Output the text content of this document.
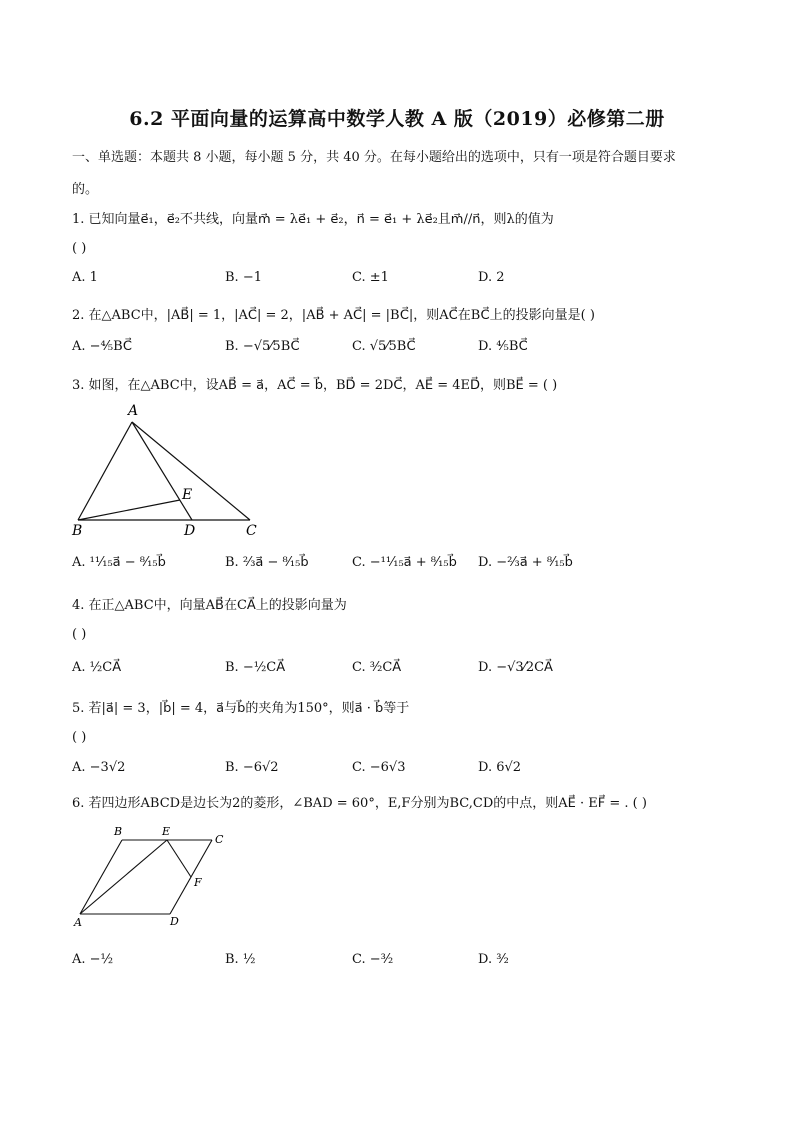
6.2 平面向量的运算高中数学人教 A 版（2019）必修第二册
一、单选题：本题共 8 小题，每小题 5 分，共 40 分。在每小题给出的选项中，只有一项是符合题目要求
的。
1. 已知向量e⃗₁，e⃗₂不共线，向量m⃗ = λe⃗₁ + e⃗₂，n⃗ = e⃗₁ + λe⃗₂且m⃗//n⃗，则λ的值为
( )
A. 1	B. −1	C. ±1	D. 2
2. 在△ABC中，|AB⃗| = 1，|AC⃗| = 2，|AB⃗ + AC⃗| = |BC⃗|，则AC⃗在BC⃗上的投影向量是( )
A. −⁴⁄₅BC⃗	B. −√5⁄5BC⃗	C. √5⁄5BC⃗	D. ⁴⁄₅BC⃗
3. 如图，在△ABC中，设AB⃗ = a⃗，AC⃗ = b⃗，BD⃗ = 2DC⃗，AE⃗ = 4ED⃗，则BE⃗ = ( )
A
E
B	D	C
A. ¹¹⁄₁₅a⃗ − ⁸⁄₁₅b⃗	B. ²⁄₃a⃗ − ⁸⁄₁₅b⃗	C. −¹¹⁄₁₅a⃗ + ⁸⁄₁₅b⃗ D. −²⁄₃a⃗ + ⁸⁄₁₅b⃗
4. 在正△ABC中，向量AB⃗在CA⃗上的投影向量为
( )
A. ½CA⃗	B. −½CA⃗	C. ³⁄₂CA⃗	D. −√3⁄2CA⃗
5. 若|a⃗| = 3，|b⃗| = 4，a⃗与b⃗的夹角为150°，则a⃗ · b⃗等于
( )
A. −3√2	B. −6√2	C. −6√3	D. 6√2
6. 若四边形ABCD是边长为2的菱形，∠BAD = 60°，E,F分别为BC,CD的中点，则AE⃗ · EF⃗ = . ( )
B	E
C
F
A	D
A. −½	B. ½	C. −³⁄₂	D. ³⁄₂
